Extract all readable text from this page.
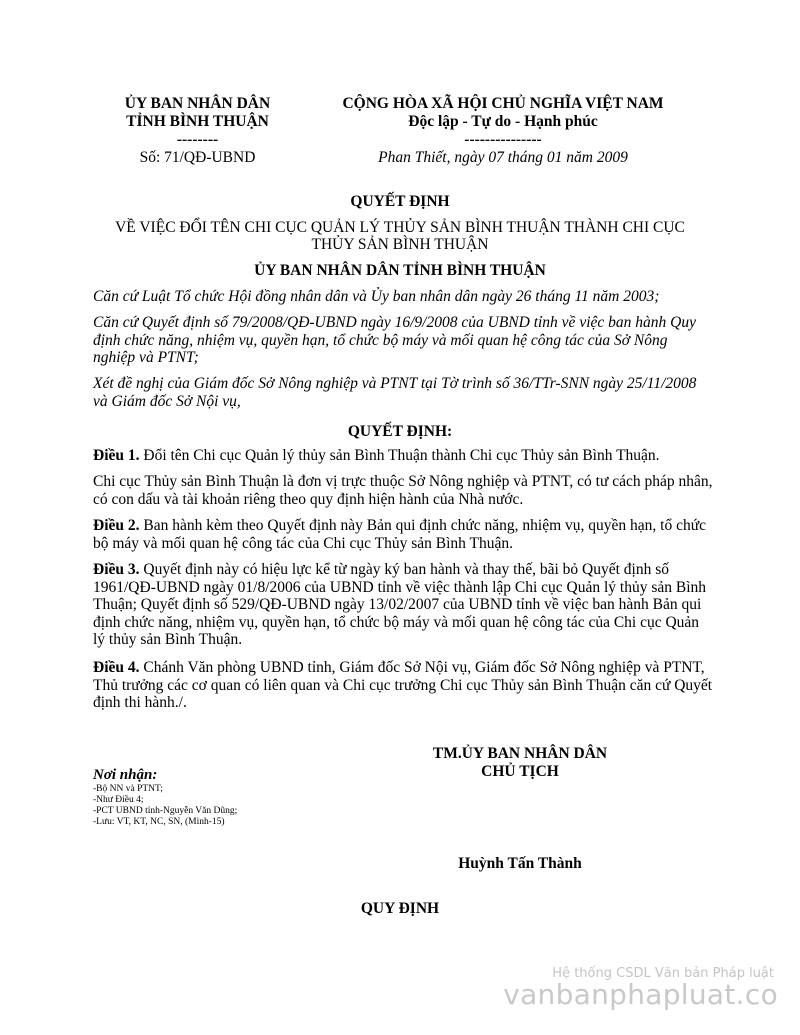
ỦY BAN NHÂN DÂN
TỈNH BÌNH THUẬN
--------
Số: 71/QĐ-UBND
CỘNG HÒA XÃ HỘI CHỦ NGHĨA VIỆT NAM
Độc lập - Tự do - Hạnh phúc
---------------
Phan Thiết, ngày 07 tháng 01 năm 2009
QUYẾT ĐỊNH
VỀ VIỆC ĐỔI TÊN CHI CỤC QUẢN LÝ THỦY SẢN BÌNH THUẬN THÀNH CHI CỤC
THỦY SẢN BÌNH THUẬN
ỦY BAN NHÂN DÂN TỈNH BÌNH THUẬN
Căn cứ Luật Tổ chức Hội đồng nhân dân và Ủy ban nhân dân ngày 26 tháng 11 năm 2003;
Căn cứ Quyết định số 79/2008/QĐ-UBND ngày 16/9/2008 của UBND tỉnh về việc ban hành Quy định chức năng, nhiệm vụ, quyền hạn, tổ chức bộ máy và mối quan hệ công tác của Sở Nông nghiệp và PTNT;
Xét đề nghị của Giám đốc Sở Nông nghiệp và PTNT tại Tờ trình số 36/TTr-SNN ngày 25/11/2008 và Giám đốc Sở Nội vụ,
QUYẾT ĐỊNH:
Điều 1. Đổi tên Chi cục Quản lý thủy sản Bình Thuận thành Chi cục Thủy sản Bình Thuận.
Chi cục Thủy sản Bình Thuận là đơn vị trực thuộc Sở Nông nghiệp và PTNT, có tư cách pháp nhân, có con dấu và tài khoản riêng theo quy định hiện hành của Nhà nước.
Điều 2. Ban hành kèm theo Quyết định này Bản qui định chức năng, nhiệm vụ, quyền hạn, tổ chức bộ máy và mối quan hệ công tác của Chi cục Thủy sản Bình Thuận.
Điều 3. Quyết định này có hiệu lực kể từ ngày ký ban hành và thay thế, bãi bỏ Quyết định số 1961/QĐ-UBND ngày 01/8/2006 của UBND tỉnh về việc thành lập Chi cục Quản lý thủy sản Bình Thuận; Quyết định số 529/QĐ-UBND ngày 13/02/2007 của UBND tỉnh về việc ban hành Bản qui định chức năng, nhiệm vụ, quyền hạn, tổ chức bộ máy và mối quan hệ công tác của Chi cục Quản lý thủy sản Bình Thuận.
Điều 4. Chánh Văn phòng UBND tỉnh, Giám đốc Sở Nội vụ, Giám đốc Sở Nông nghiệp và PTNT, Thủ trưởng các cơ quan có liên quan và Chi cục trưởng Chi cục Thủy sản Bình Thuận căn cứ Quyết định thi hành./.
TM.ỦY BAN NHÂN DÂN
CHỦ TỊCH
Nơi nhận:
-Bộ NN và PTNT;
-Như Điều 4;
-PCT UBND tỉnh-Nguyễn Văn Dũng;
-Lưu: VT, KT, NC, SN, (Minh-15)
Huỳnh Tấn Thành
QUY ĐỊNH
Hệ thống CSDL Văn bản Pháp luật
vanbanphapluat.co
